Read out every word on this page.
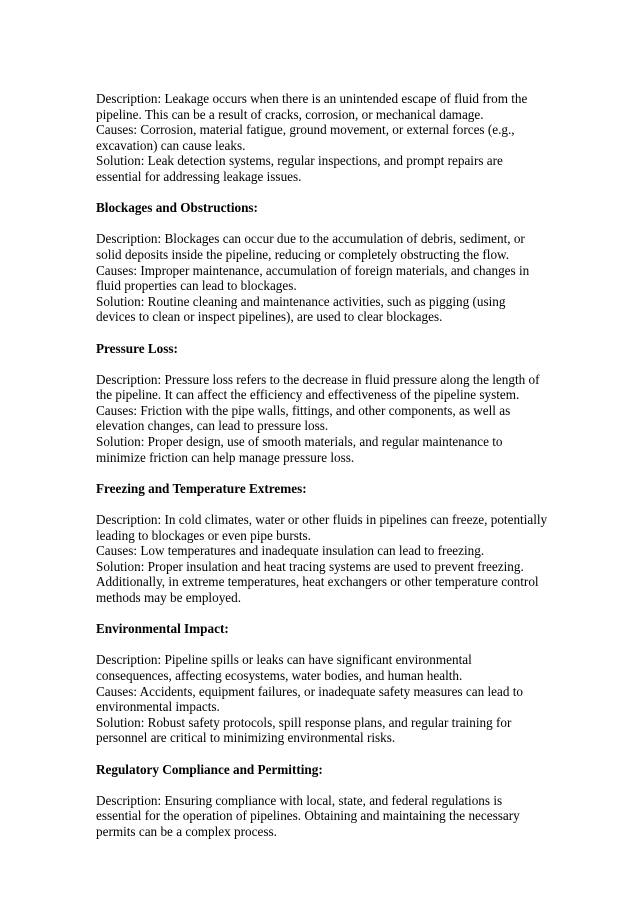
Description: Leakage occurs when there is an unintended escape of fluid from the pipeline. This can be a result of cracks, corrosion, or mechanical damage.

Causes: Corrosion, material fatigue, ground movement, or external forces (e.g., excavation) can cause leaks.

Solution: Leak detection systems, regular inspections, and prompt repairs are essential for addressing leakage issues.

Blockages and Obstructions:

Description: Blockages can occur due to the accumulation of debris, sediment, or solid deposits inside the pipeline, reducing or completely obstructing the flow.

Causes: Improper maintenance, accumulation of foreign materials, and changes in fluid properties can lead to blockages.

Solution: Routine cleaning and maintenance activities, such as pigging (using devices to clean or inspect pipelines), are used to clear blockages.

Pressure Loss:

Description: Pressure loss refers to the decrease in fluid pressure along the length of the pipeline. It can affect the efficiency and effectiveness of the pipeline system.

Causes: Friction with the pipe walls, fittings, and other components, as well as elevation changes, can lead to pressure loss.

Solution: Proper design, use of smooth materials, and regular maintenance to minimize friction can help manage pressure loss.

Freezing and Temperature Extremes:

Description: In cold climates, water or other fluids in pipelines can freeze, potentially leading to blockages or even pipe bursts.

Causes: Low temperatures and inadequate insulation can lead to freezing.

Solution: Proper insulation and heat tracing systems are used to prevent freezing. Additionally, in extreme temperatures, heat exchangers or other temperature control methods may be employed.

Environmental Impact:

Description: Pipeline spills or leaks can have significant environmental consequences, affecting ecosystems, water bodies, and human health.

Causes: Accidents, equipment failures, or inadequate safety measures can lead to environmental impacts.

Solution: Robust safety protocols, spill response plans, and regular training for personnel are critical to minimizing environmental risks.

Regulatory Compliance and Permitting:

Description: Ensuring compliance with local, state, and federal regulations is essential for the operation of pipelines. Obtaining and maintaining the necessary permits can be a complex process.
